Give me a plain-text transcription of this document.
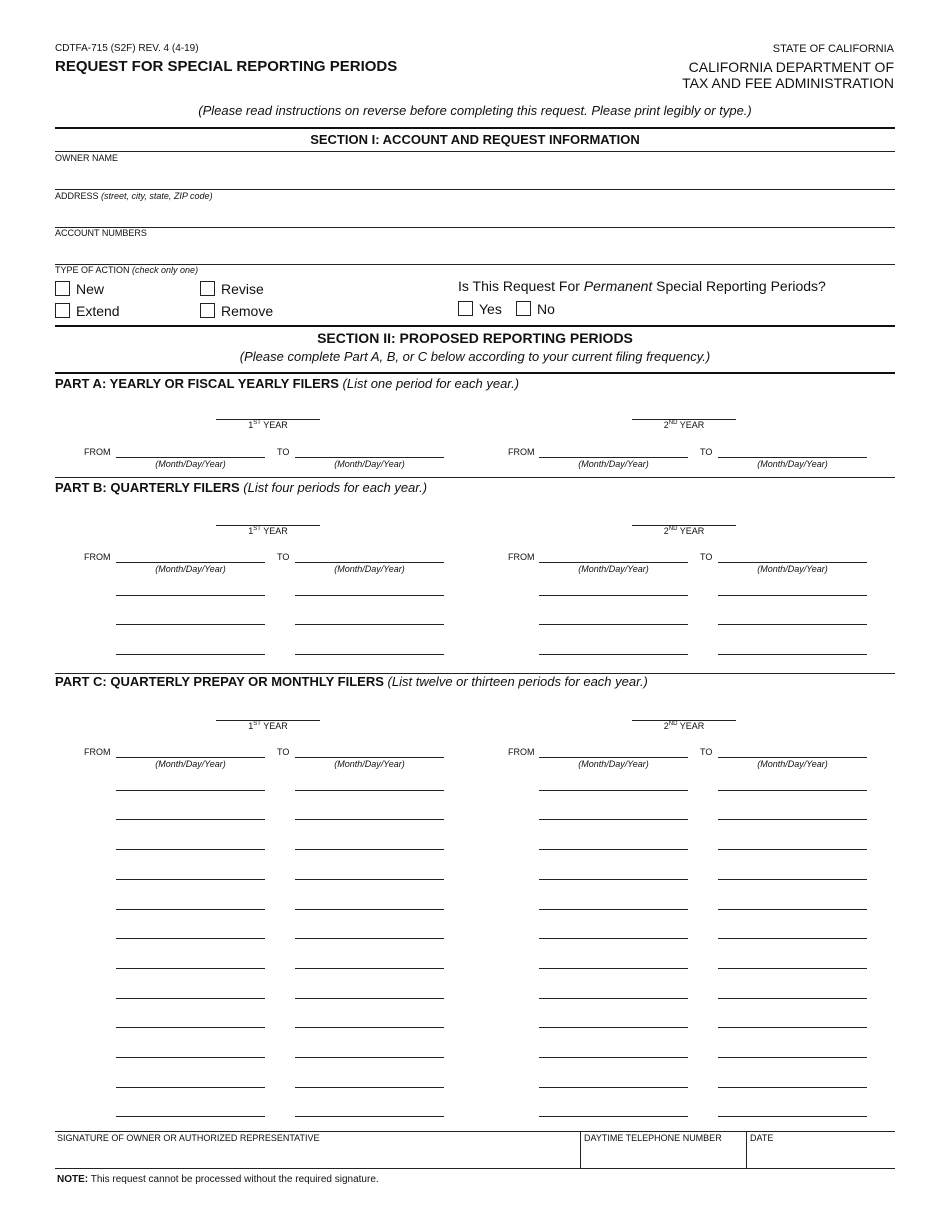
CDTFA-715 (S2F) REV. 4 (4-19)
REQUEST FOR SPECIAL REPORTING PERIODS
STATE OF CALIFORNIA
CALIFORNIA DEPARTMENT OF
TAX AND FEE ADMINISTRATION
(Please read instructions on reverse before completing this request. Please print legibly or type.)
SECTION I: ACCOUNT AND REQUEST INFORMATION
OWNER NAME
ADDRESS (street, city, state, ZIP code)
ACCOUNT NUMBERS
TYPE OF ACTION (check only one)
New	Revise
Extend	Remove
Is This Request For Permanent Special Reporting Periods?
Yes	No
SECTION II: PROPOSED REPORTING PERIODS
(Please complete Part A, B, or C below according to your current filing frequency.)
PART A: YEARLY OR FISCAL YEARLY FILERS (List one period for each year.)
1ST YEAR
FROM
(Month/Day/Year)
TO
(Month/Day/Year)
2ND YEAR
FROM
(Month/Day/Year)
TO
(Month/Day/Year)
PART B: QUARTERLY FILERS (List four periods for each year.)
1ST YEAR
FROM
(Month/Day/Year)
TO
(Month/Day/Year)
2ND YEAR
FROM
(Month/Day/Year)
TO
(Month/Day/Year)
PART C: QUARTERLY PREPAY OR MONTHLY FILERS (List twelve or thirteen periods for each year.)
1ST YEAR
FROM
(Month/Day/Year)
TO
(Month/Day/Year)
2ND YEAR
FROM
(Month/Day/Year)
TO
(Month/Day/Year)
SIGNATURE OF OWNER OR AUTHORIZED REPRESENTATIVE	DAYTIME TELEPHONE NUMBER	DATE
NOTE: This request cannot be processed without the required signature.
